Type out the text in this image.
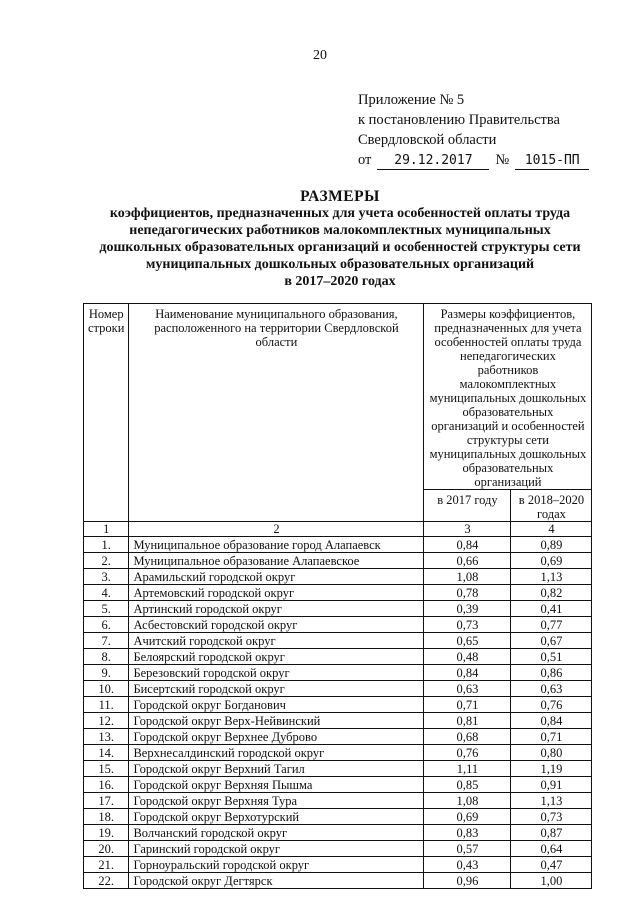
20
Приложение № 5
к постановлению Правительства
Свердловской области
от 29.12.2017 № 1015-ПП
РАЗМЕРЫ
коэффициентов, предназначенных для учета особенностей оплаты труда
непедагогических работников малокомплектных муниципальных
дошкольных образовательных организаций и особенностей структуры сети
муниципальных дошкольных образовательных организаций
в 2017–2020 годах
Номер строки	Наименование муниципального образования, расположенного на территории Свердловской области	Размеры коэффициентов, предназначенных для учета особенностей оплаты труда непедагогических работников малокомплектных муниципальных дошкольных образовательных организаций и особенностей структуры сети муниципальных дошкольных образовательных организаций	
		в 2017 году	в 2018–2020 годах
1	2	3	4
1.	Муниципальное образование город Алапаевск	0,84	0,89
2.	Муниципальное образование Алапаевское	0,66	0,69
3.	Арамильский городской округ	1,08	1,13
4.	Артемовский городской округ	0,78	0,82
5.	Артинский городской округ	0,39	0,41
6.	Асбестовский городской округ	0,73	0,77
7.	Ачитский городской округ	0,65	0,67
8.	Белоярский городской округ	0,48	0,51
9.	Березовский городской округ	0,84	0,86
10.	Бисертский городской округ	0,63	0,63
11.	Городской округ Богданович	0,71	0,76
12.	Городской округ Верх-Нейвинский	0,81	0,84
13.	Городской округ Верхнее Дуброво	0,68	0,71
14.	Верхнесалдинский городской округ	0,76	0,80
15.	Городской округ Верхний Тагил	1,11	1,19
16.	Городской округ Верхняя Пышма	0,85	0,91
17.	Городской округ Верхняя Тура	1,08	1,13
18.	Городской округ Верхотурский	0,69	0,73
19.	Волчанский городской округ	0,83	0,87
20.	Гаринский городской округ	0,57	0,64
21.	Горноуральский городской округ	0,43	0,47
22.	Городской округ Дегтярск	0,96	1,00
